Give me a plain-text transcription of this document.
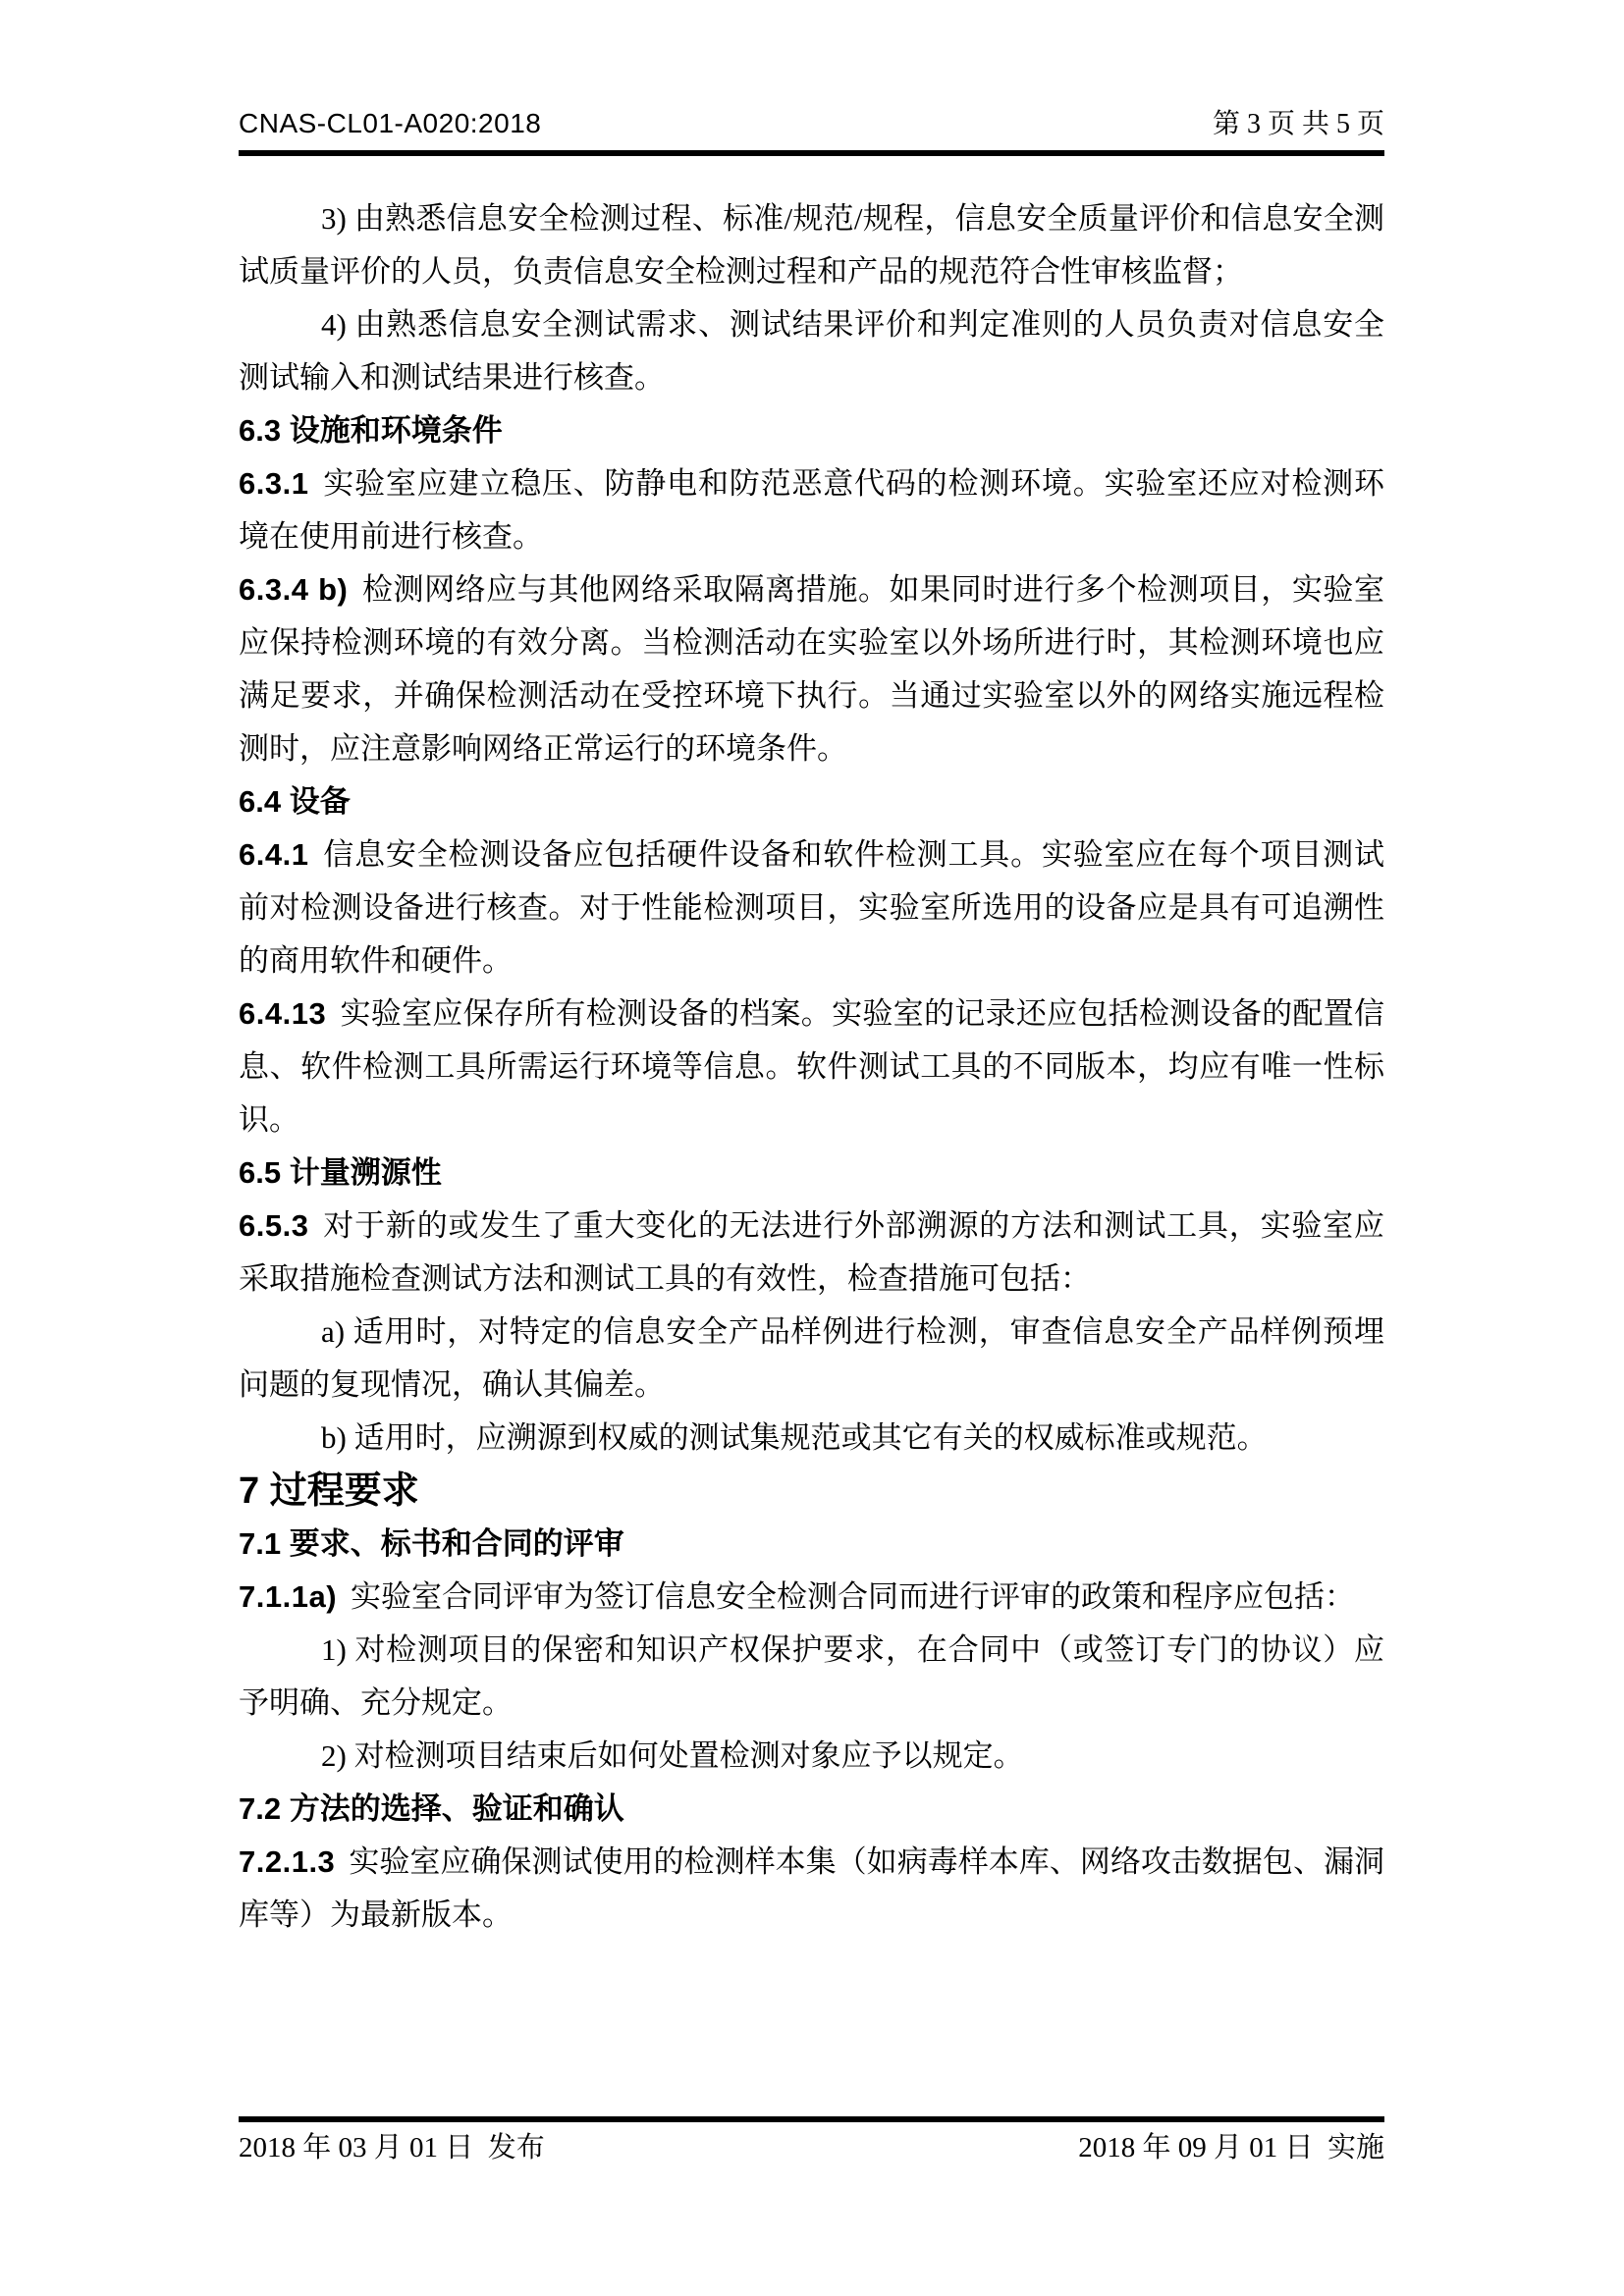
CNAS-CL01-A020:2018	第 3 页 共 5 页

3) 由熟悉信息安全检测过程、标准/规范/规程，信息安全质量评价和信息安全测试质量评价的人员，负责信息安全检测过程和产品的规范符合性审核监督；

4) 由熟悉信息安全测试需求、测试结果评价和判定准则的人员负责对信息安全测试输入和测试结果进行核查。

6.3 设施和环境条件

6.3.1 实验室应建立稳压、防静电和防范恶意代码的检测环境。实验室还应对检测环境在使用前进行核查。

6.3.4 b) 检测网络应与其他网络采取隔离措施。如果同时进行多个检测项目，实验室应保持检测环境的有效分离。当检测活动在实验室以外场所进行时，其检测环境也应满足要求，并确保检测活动在受控环境下执行。当通过实验室以外的网络实施远程检测时，应注意影响网络正常运行的环境条件。

6.4 设备

6.4.1 信息安全检测设备应包括硬件设备和软件检测工具。实验室应在每个项目测试前对检测设备进行核查。对于性能检测项目，实验室所选用的设备应是具有可追溯性的商用软件和硬件。

6.4.13 实验室应保存所有检测设备的档案。实验室的记录还应包括检测设备的配置信息、软件检测工具所需运行环境等信息。软件测试工具的不同版本，均应有唯一性标识。

6.5 计量溯源性

6.5.3 对于新的或发生了重大变化的无法进行外部溯源的方法和测试工具，实验室应采取措施检查测试方法和测试工具的有效性，检查措施可包括：

a) 适用时，对特定的信息安全产品样例进行检测，审查信息安全产品样例预埋问题的复现情况，确认其偏差。

b) 适用时，应溯源到权威的测试集规范或其它有关的权威标准或规范。

7 过程要求
7.1 要求、标书和合同的评审

7.1.1a) 实验室合同评审为签订信息安全检测合同而进行评审的政策和程序应包括：

1) 对检测项目的保密和知识产权保护要求，在合同中（或签订专门的协议）应予明确、充分规定。

2) 对检测项目结束后如何处置检测对象应予以规定。

7.2 方法的选择、验证和确认

7.2.1.3 实验室应确保测试使用的检测样本集（如病毒样本库、网络攻击数据包、漏洞库等）为最新版本。

2018 年 03 月 01 日  发布	2018 年 09 月 01 日  实施
